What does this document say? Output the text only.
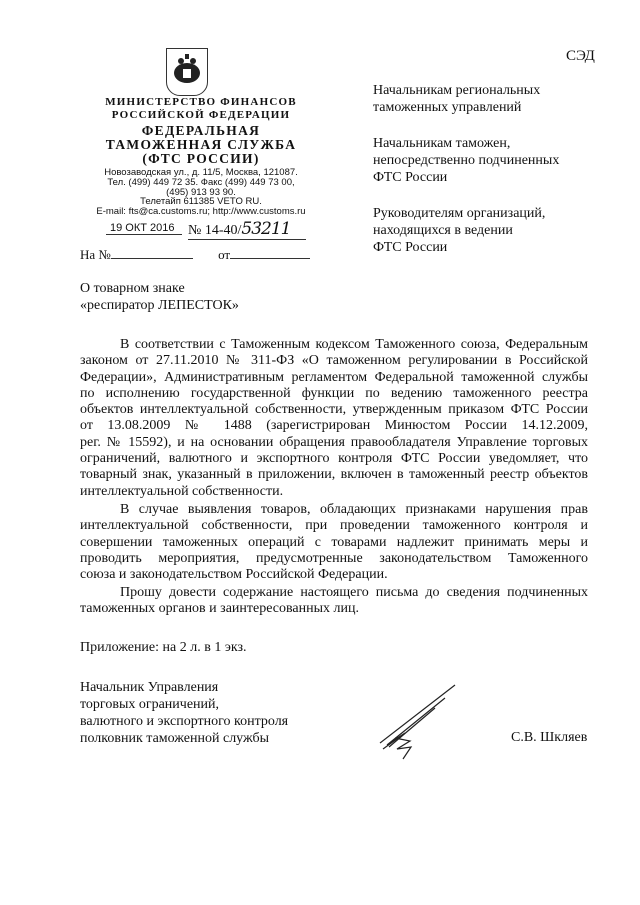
СЭД
МИНИСТЕРСТВО ФИНАНСОВ
РОССИЙСКОЙ ФЕДЕРАЦИИ
ФЕДЕРАЛЬНАЯ
ТАМОЖЕННАЯ СЛУЖБА
(ФТС РОССИИ)
Новозаводская ул., д. 11/5, Москва, 121087.
Тел. (499) 449 72 35. Факс (499) 449 73 00,
(495) 913 93 90.
Телетайп 611385 VETO RU.
E-mail: fts@ca.customs.ru; http://www.customs.ru
19 ОКТ 2016 № 14-40/53211
На №	от

Начальникам региональных
таможенных управлений

Начальникам таможен,
непосредственно подчиненных
ФТС России

Руководителям организаций,
находящихся в ведении
ФТС России

О товарном знаке
«респиратор ЛЕПЕСТОК»
В соответствии с Таможенным кодексом Таможенного союза, Федеральным
законом от 27.11.2010 № 311-ФЗ «О таможенном регулировании в Российской
Федерации», Административным регламентом Федеральной таможенной службы
по исполнению государственной функции по ведению таможенного реестра
объектов интеллектуальной собственности, утвержденным приказом ФТС России
от 13.08.2009 № 1488 (зарегистрирован Минюстом России 14.12.2009,
рег. № 15592), и на основании обращения правообладателя Управление торговых
ограничений, валютного и экспортного контроля ФТС России уведомляет, что
товарный знак, указанный в приложении, включен в таможенный реестр объектов
интеллектуальной собственности.
В случае выявления товаров, обладающих признаками нарушения прав
интеллектуальной собственности, при проведении таможенного контроля и
совершении таможенных операций с товарами надлежит принимать меры и
проводить мероприятия, предусмотренные законодательством Таможенного
союза и законодательством Российской Федерации.
Прошу довести содержание настоящего письма до сведения подчиненных
таможенных органов и заинтересованных лиц.
Приложение: на 2 л. в 1 экз.
Начальник Управления
торговых ограничений,
валютного и экспортного контроля
полковник таможенной службы	С.В. Шкляев
